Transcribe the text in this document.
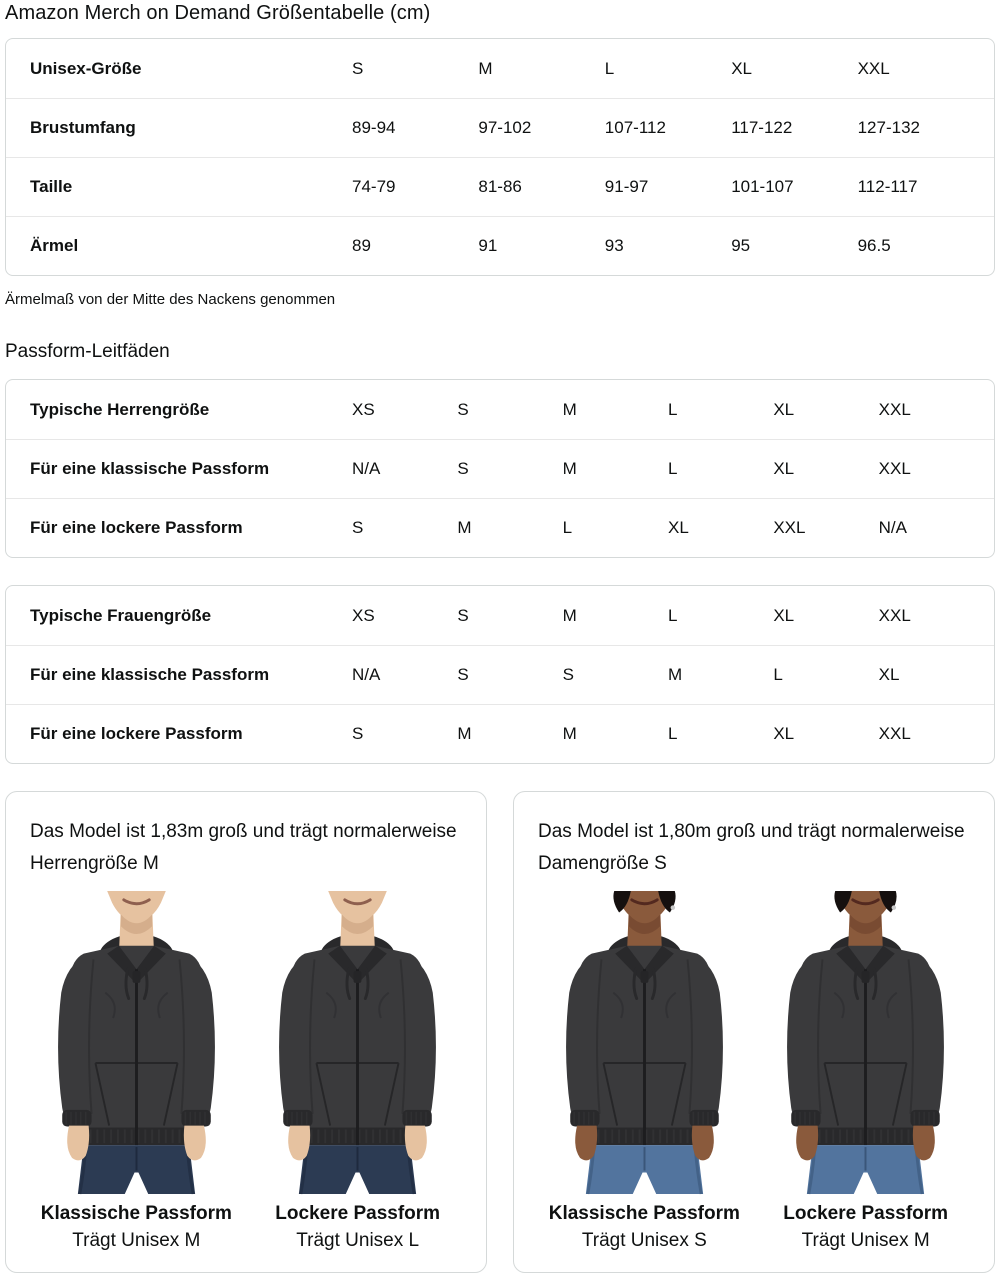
Amazon Merch on Demand Größentabelle (cm)
Unisex-Größe	S	M	L	XL	XXL
Brustumfang	89-94	97-102	107-112	117-122	127-132
Taille	74-79	81-86	91-97	101-107	112-117
Ärmel	89	91	93	95	96.5

Ärmelmaß von der Mitte des Nackens genommen

Passform-Leitfäden
Typische Herrengröße	XS	S	M	L	XL	XXL
Für eine klassische Passform	N/A	S	M	L	XL	XXL
Für eine lockere Passform	S	M	L	XL	XXL	N/A
Typische Frauengröße	XS	S	M	L	XL	XXL
Für eine klassische Passform	N/A	S	S	M	L	XL
Für eine lockere Passform	S	M	M	L	XL	XXL

Das Model ist 1,83m groß und trägt normalerweise Herrengröße M

Klassische Passform
Trägt Unisex M
Lockere Passform
Trägt Unisex L

Das Model ist 1,80m groß und trägt normalerweise Damengröße S

Klassische Passform
Trägt Unisex S
Lockere Passform
Trägt Unisex M
